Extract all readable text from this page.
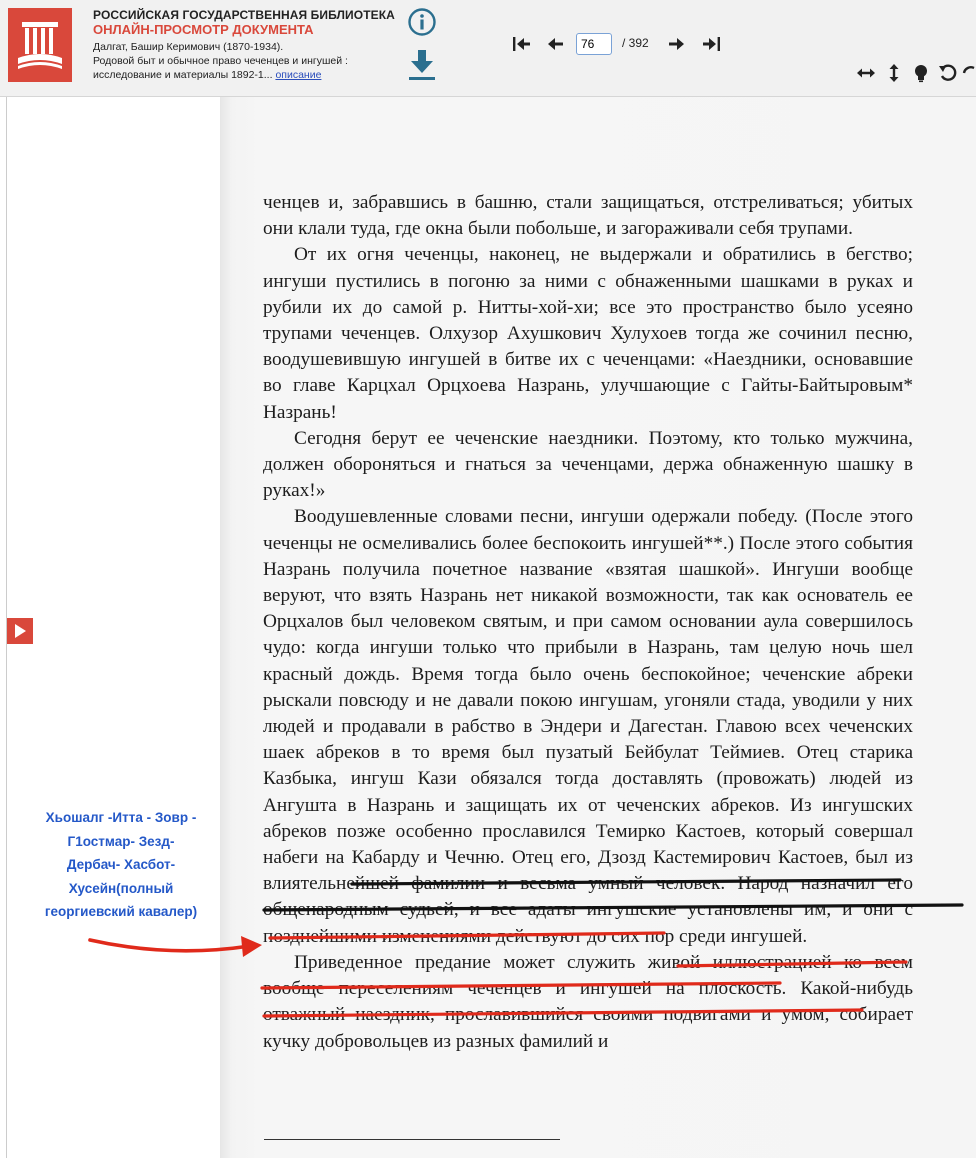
РОССИЙСКАЯ ГОСУДАРСТВЕННАЯ БИБЛИОТЕКА
ОНЛАЙН-ПРОСМОТР ДОКУМЕНТА
Далгат, Башир Керимович (1870-1934).
Родовой быт и обычное право чеченцев и ингушей :
исследование и материалы 1892-1... описание
76
/ 392

ченцев и, забравшись в башню, стали защищаться, отстреливаться; убитых они клали туда, где окна были побольше, и загораживали себя трупами.

От их огня чеченцы, наконец, не выдержали и обратились в бегство; ингуши пустились в погоню за ними с обнаженными шашками в руках и рубили их до самой р. Нитты-хой-хи; все это пространство было усеяно трупами чеченцев. Олхузор Ахушкович Хулухоев тогда же сочинил песню, воодушевившую ингушей в битве их с чеченцами: «Наездники, основавшие во главе Карцхал Орцхоева Назрань, улучшающие с Гайты-Байтыровым* Назрань!

Сегодня берут ее чеченские наездники. Поэтому, кто только мужчина, должен обороняться и гнаться за чеченцами, держа обнаженную шашку в руках!»

Воодушевленные словами песни, ингуши одержали победу. (После этого чеченцы не осмеливались более беспокоить ингушей**.) После этого события Назрань получила почетное название «взятая шашкой». Ингуши вообще веруют, что взять Назрань нет никакой возможности, так как основатель ее Орцхалов был человеком святым, и при самом основании аула совершилось чудо: когда ингуши только что прибыли в Назрань, там целую ночь шел красный дождь. Время тогда было очень беспокойное; чеченские абреки рыскали повсюду и не давали покою ингушам, угоняли стада, уводили у них людей и продавали в рабство в Эндери и Дагестан. Главою всех чеченских шаек абреков в то время был пузатый Бейбулат Теймиев. Отец старика Казбыка, ингуш Кази обязался тогда доставлять (провожать) людей из Ангушта в Назрань и защищать их от чеченских абреков. Из ингушских абреков позже особенно прославился Темирко Кастоев, который совершал набеги на Кабарду и Чечню. Отец его, Дзозд Кастемирович Кастоев, был из влиятельнейшей фамилии и весьма умный человек. Народ назначил его общенародным судьей, и все адаты ингушские установлены им, и они с позднейшими изменениями действуют до сих пор среди ингушей.

Приведенное предание может служить живой иллюстрацией ко всем вообще переселениям чеченцев и ингушей на плоскость. Какой-нибудь отважный наездник, прославившийся своими подвигами и умом, собирает кучку добровольцев из разных фамилий и

Хьошалг -Итта - Зовр - Г1остмар- Зезд- Дербач- Хасбот- Хусейн(полный георгиевский кавалер)
